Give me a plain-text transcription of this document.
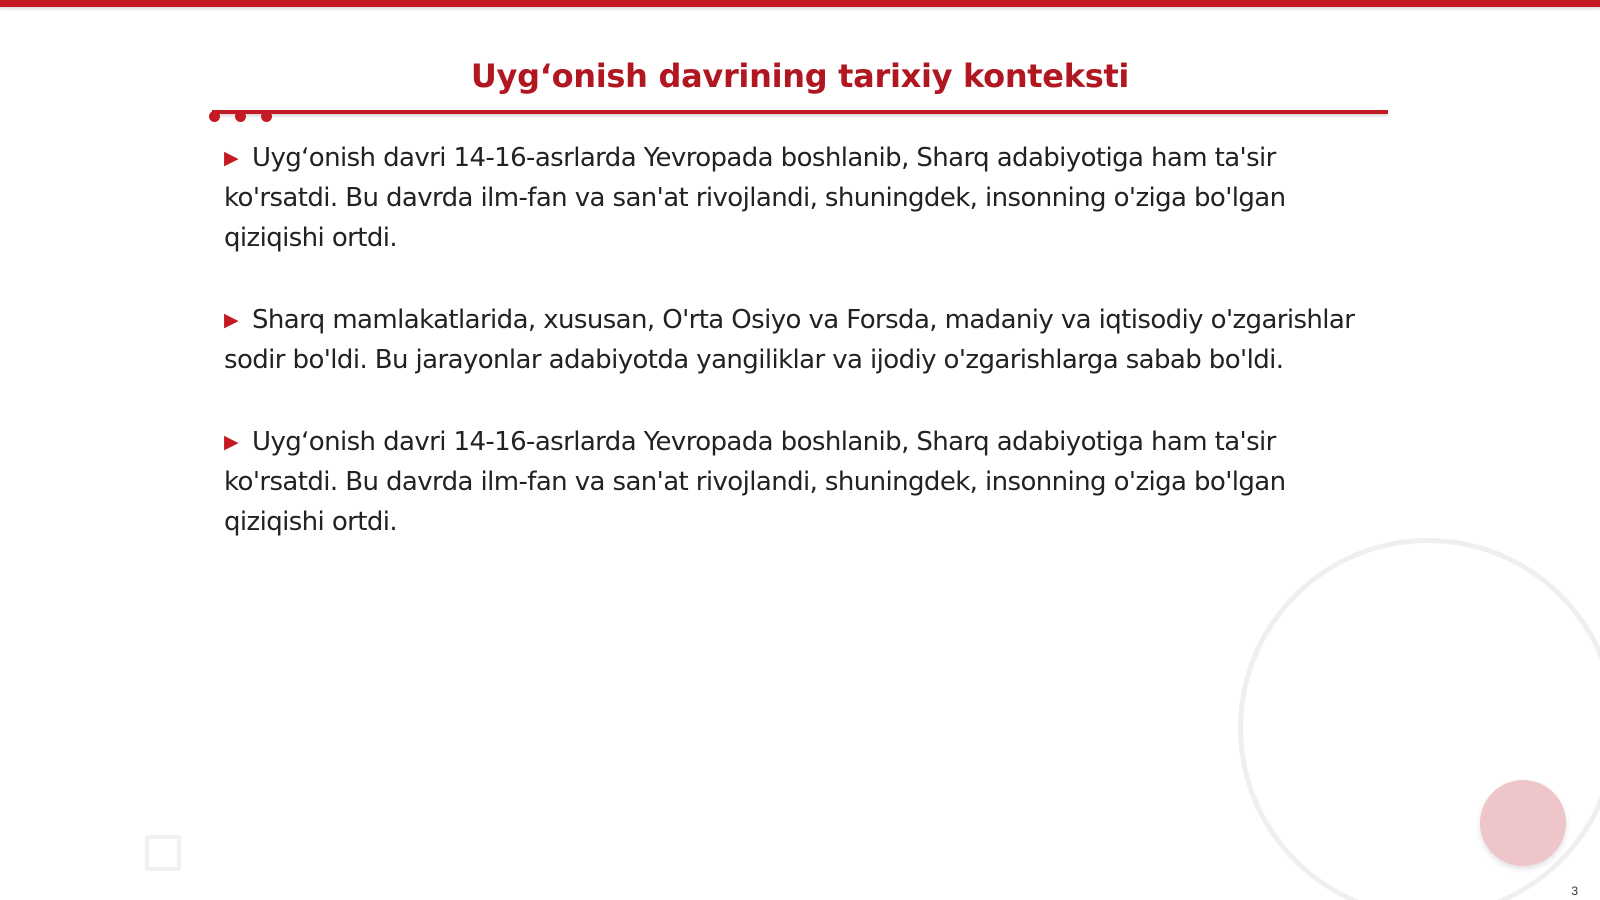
Uygʻonish davrining tarixiy konteksti
▶ Uygʻonish davri 14-16-asrlarda Yevropada boshlanib, Sharq adabiyotiga ham ta'sir ko'rsatdi. Bu davrda ilm-fan va san'at rivojlandi, shuningdek, insonning o'ziga bo'lgan qiziqishi ortdi.
▶ Sharq mamlakatlarida, xususan, O'rta Osiyo va Forsda, madaniy va iqtisodiy o'zgarishlar sodir bo'ldi. Bu jarayonlar adabiyotda yangiliklar va ijodiy o'zgarishlarga sabab bo'ldi.
▶ Uygʻonish davri 14-16-asrlarda Yevropada boshlanib, Sharq adabiyotiga ham ta'sir ko'rsatdi. Bu davrda ilm-fan va san'at rivojlandi, shuningdek, insonning o'ziga bo'lgan qiziqishi ortdi.
3
